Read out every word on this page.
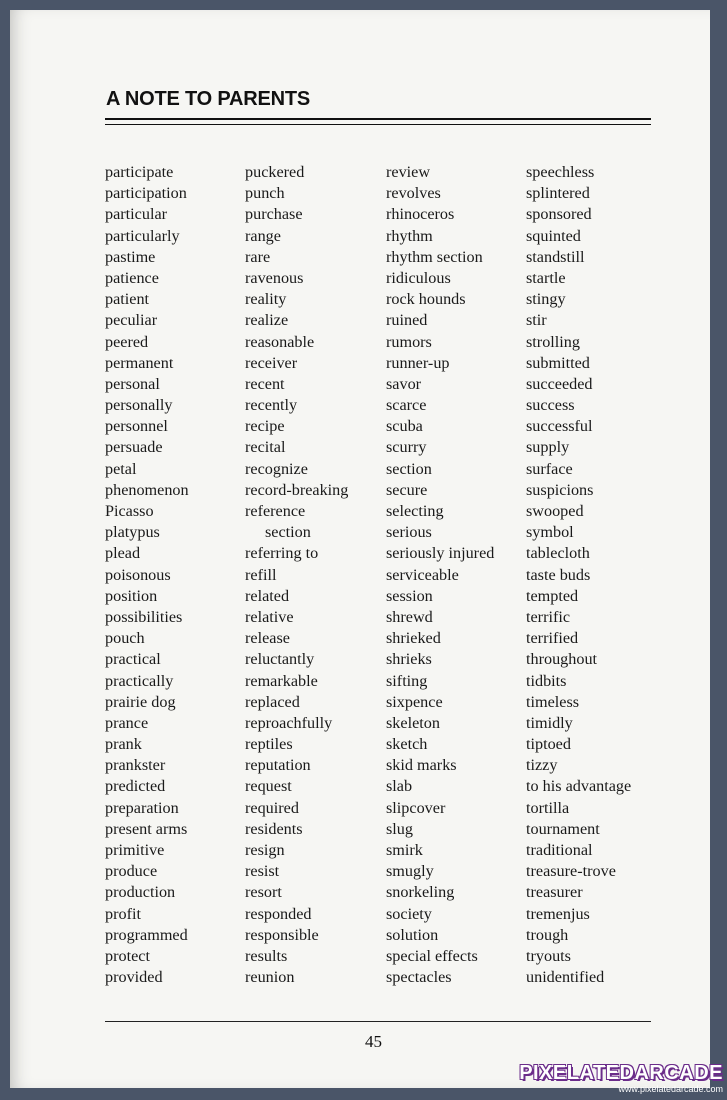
A NOTE TO PARENTS
participate
participation
particular
particularly
pastime
patience
patient
peculiar
peered
permanent
personal
personally
personnel
persuade
petal
phenomenon
Picasso
platypus
plead
poisonous
position
possibilities
pouch
practical
practically
prairie dog
prance
prank
prankster
predicted
preparation
present arms
primitive
produce
production
profit
programmed
protect
provided
puckered
punch
purchase
range
rare
ravenous
reality
realize
reasonable
receiver
recent
recently
recipe
recital
recognize
record-breaking
reference
section
referring to
refill
related
relative
release
reluctantly
remarkable
replaced
reproachfully
reptiles
reputation
request
required
residents
resign
resist
resort
responded
responsible
results
reunion
review
revolves
rhinoceros
rhythm
rhythm section
ridiculous
rock hounds
ruined
rumors
runner-up
savor
scarce
scuba
scurry
section
secure
selecting
serious
seriously injured
serviceable
session
shrewd
shrieked
shrieks
sifting
sixpence
skeleton
sketch
skid marks
slab
slipcover
slug
smirk
smugly
snorkeling
society
solution
special effects
spectacles
speechless
splintered
sponsored
squinted
standstill
startle
stingy
stir
strolling
submitted
succeeded
success
successful
supply
surface
suspicions
swooped
symbol
tablecloth
taste buds
tempted
terrific
terrified
throughout
tidbits
timeless
timidly
tiptoed
tizzy
to his advantage
tortilla
tournament
traditional
treasure-trove
treasurer
tremenjus
trough
tryouts
unidentified
45
PIXELATEDARCADE
www.pixelatedarcade.com
